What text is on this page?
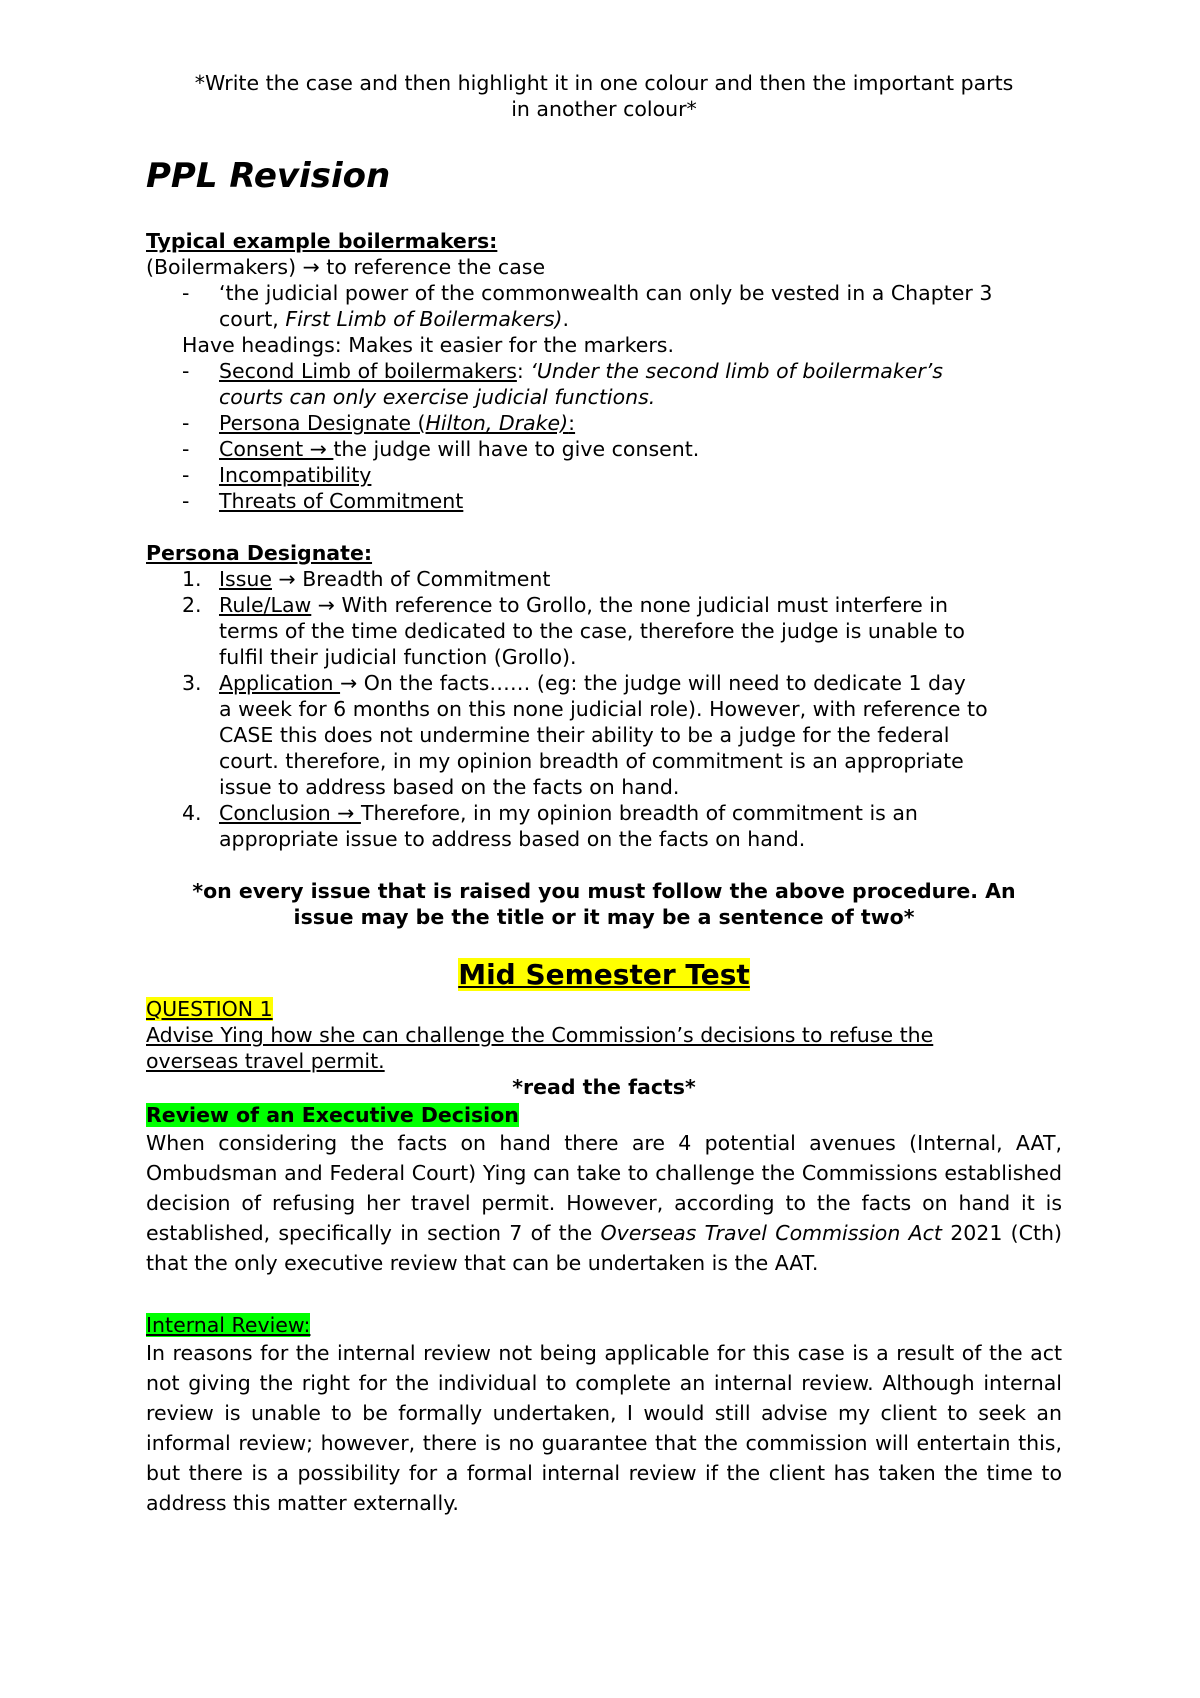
*Write the case and then highlight it in one colour and then the important parts

in another colour*

PPL Revision

Typical example boilermakers:

(Boilermakers) → to reference the case

- ‘the judicial power of the commonwealth can only be vested in a Chapter 3
court, First Limb of Boilermakers).

Have headings: Makes it easier for the markers.

- Second Limb of boilermakers: ‘Under the second limb of boilermaker’s
courts can only exercise judicial functions.
- Persona Designate (Hilton, Drake):
- Consent → the judge will have to give consent.
- Incompatibility
- Threats of Commitment

Persona Designate:

1. Issue → Breadth of Commitment
2. Rule/Law → With reference to Grollo, the none judicial must interfere in
terms of the time dedicated to the case, therefore the judge is unable to
fulfil their judicial function (Grollo).
3. Application → On the facts…… (eg: the judge will need to dedicate 1 day
a week for 6 months on this none judicial role). However, with reference to
CASE this does not undermine their ability to be a judge for the federal
court. therefore, in my opinion breadth of commitment is an appropriate
issue to address based on the facts on hand.
4. Conclusion → Therefore, in my opinion breadth of commitment is an
appropriate issue to address based on the facts on hand.

*on every issue that is raised you must follow the above procedure. An

issue may be the title or it may be a sentence of two*

Mid Semester Test

QUESTION 1

Advise Ying how she can challenge the Commission’s decisions to refuse the

overseas travel permit.

*read the facts*

Review of an Executive Decision

When considering the facts on hand there are 4 potential avenues (Internal, AAT, Ombudsman and Federal Court) Ying can take to challenge the Commissions established decision of refusing her travel permit. However, according to the facts on hand it is established, specifically in section 7 of the Overseas Travel Commission Act 2021 (Cth) that the only executive review that can be undertaken is the AAT.

Internal Review:

In reasons for the internal review not being applicable for this case is a result of the act not giving the right for the individual to complete an internal review. Although internal review is unable to be formally undertaken, I would still advise my client to seek an informal review; however, there is no guarantee that the commission will entertain this, but there is a possibility for a formal internal review if the client has taken the time to address this matter externally.
